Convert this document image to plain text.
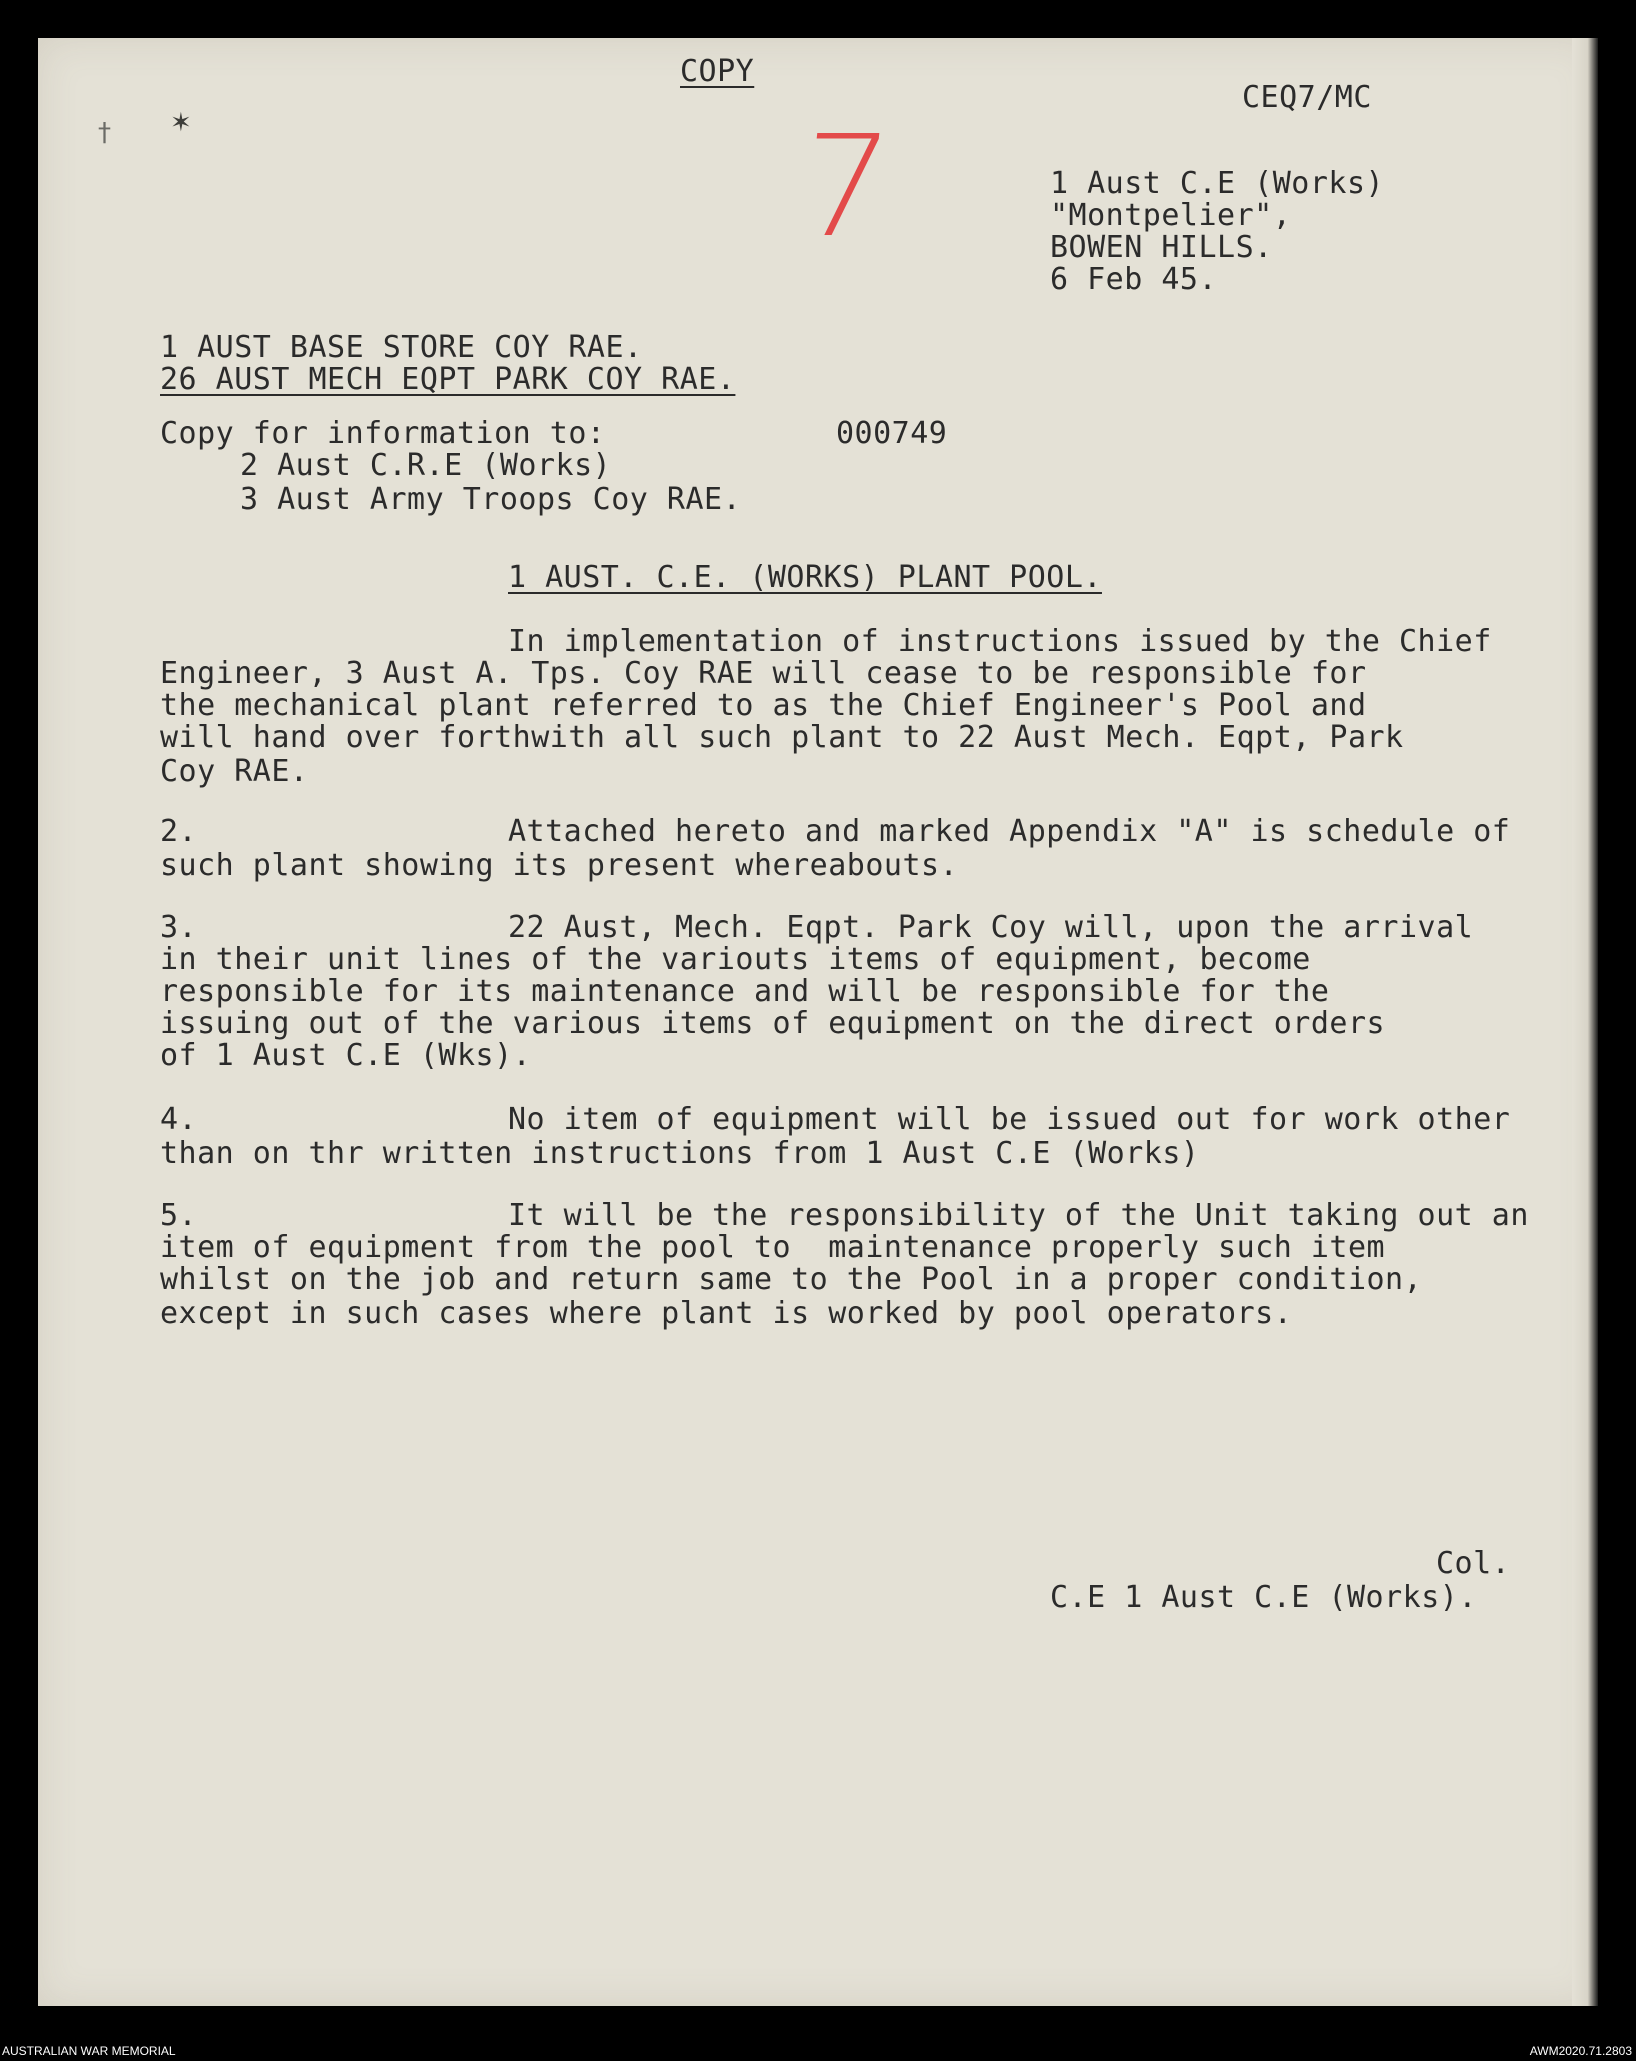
† ✶

COPY

CEQ7/MC

7	1 Aust C.E (Works)

"Montpelier",

BOWEN HILLS.

6 Feb 45.

1 AUST BASE STORE COY RAE.

26 AUST MECH EQPT PARK COY RAE.

Copy for information to:	000749

2 Aust C.R.E (Works)

3 Aust Army Troops Coy RAE.

1 AUST. C.E. (WORKS) PLANT POOL.

In implementation of instructions issued by the Chief

Engineer, 3 Aust A. Tps. Coy RAE will cease to be responsible for

the mechanical plant referred to as the Chief Engineer's Pool and

will hand over forthwith all such plant to 22 Aust Mech. Eqpt, Park

Coy RAE.

2.	Attached hereto and marked Appendix "A" is schedule of

such plant showing its present whereabouts.

3.	22 Aust, Mech. Eqpt. Park Coy will, upon the arrival

in their unit lines of the variouts items of equipment, become

responsible for its maintenance and will be responsible for the

issuing out of the various items of equipment on the direct orders

of 1 Aust C.E (Wks).

4.	No item of equipment will be issued out for work other

than on thr written instructions from 1 Aust C.E (Works)

5.	It will be the responsibility of the Unit taking out an

item of equipment from the pool to  maintenance properly such item

whilst on the job and return same to the Pool in a proper condition,

except in such cases where plant is worked by pool operators.

Col.

C.E 1 Aust C.E (Works).

AUSTRALIAN WAR MEMORIAL	AWM2020.71.2803
